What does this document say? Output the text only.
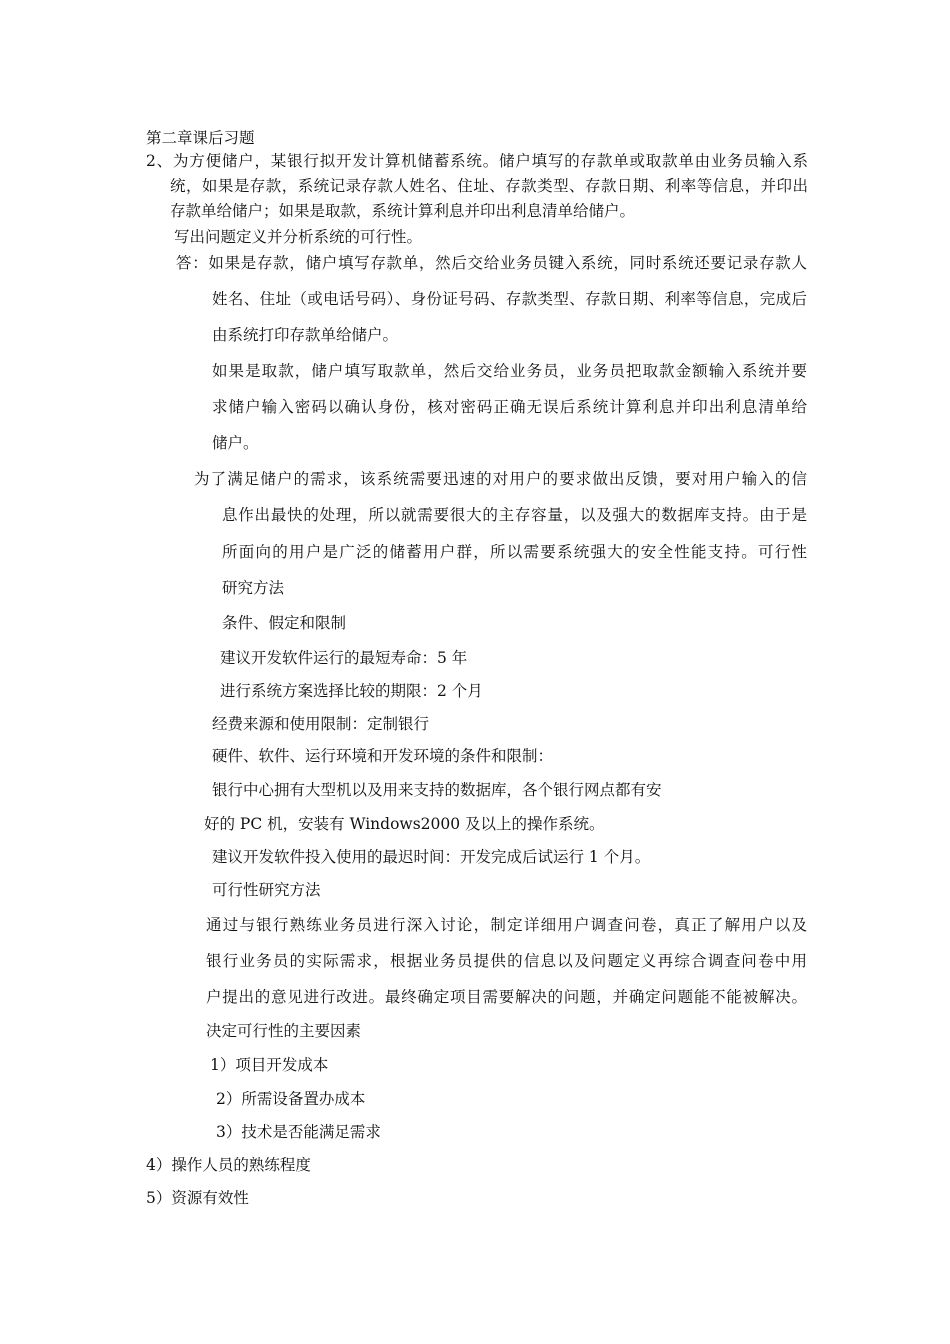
第二章课后习题
2、为方便储户，某银行拟开发计算机储蓄系统。储户填写的存款单或取款单由业务员输入系
统，如果是存款，系统记录存款人姓名、住址、存款类型、存款日期、利率等信息，并印出
存款单给储户；如果是取款，系统计算利息并印出利息清单给储户。
写出问题定义并分析系统的可行性。
答：如果是存款，储户填写存款单，然后交给业务员键入系统，同时系统还要记录存款人
姓名、住址（或电话号码）、身份证号码、存款类型、存款日期、利率等信息，完成后
由系统打印存款单给储户。
如果是取款，储户填写取款单，然后交给业务员，业务员把取款金额输入系统并要
求储户输入密码以确认身份，核对密码正确无误后系统计算利息并印出利息清单给
储户。
为了满足储户的需求，该系统需要迅速的对用户的要求做出反馈，要对用户输入的信
息作出最快的处理，所以就需要很大的主存容量，以及强大的数据库支持。由于是
所面向的用户是广泛的储蓄用户群，所以需要系统强大的安全性能支持。可行性
研究方法
条件、假定和限制
建议开发软件运行的最短寿命：5 年
进行系统方案选择比较的期限：2 个月
经费来源和使用限制：定制银行
硬件、软件、运行环境和开发环境的条件和限制：
银行中心拥有大型机以及用来支持的数据库，各个银行网点都有安
好的 PC 机，安装有 Windows2000 及以上的操作系统。
建议开发软件投入使用的最迟时间：开发完成后试运行 1 个月。
可行性研究方法
通过与银行熟练业务员进行深入讨论，制定详细用户调查问卷，真正了解用户以及
银行业务员的实际需求，根据业务员提供的信息以及问题定义再综合调查问卷中用
户提出的意见进行改进。最终确定项目需要解决的问题，并确定问题能不能被解决。
决定可行性的主要因素
1）项目开发成本
2）所需设备置办成本
3）技术是否能满足需求
4）操作人员的熟练程度
5）资源有效性
